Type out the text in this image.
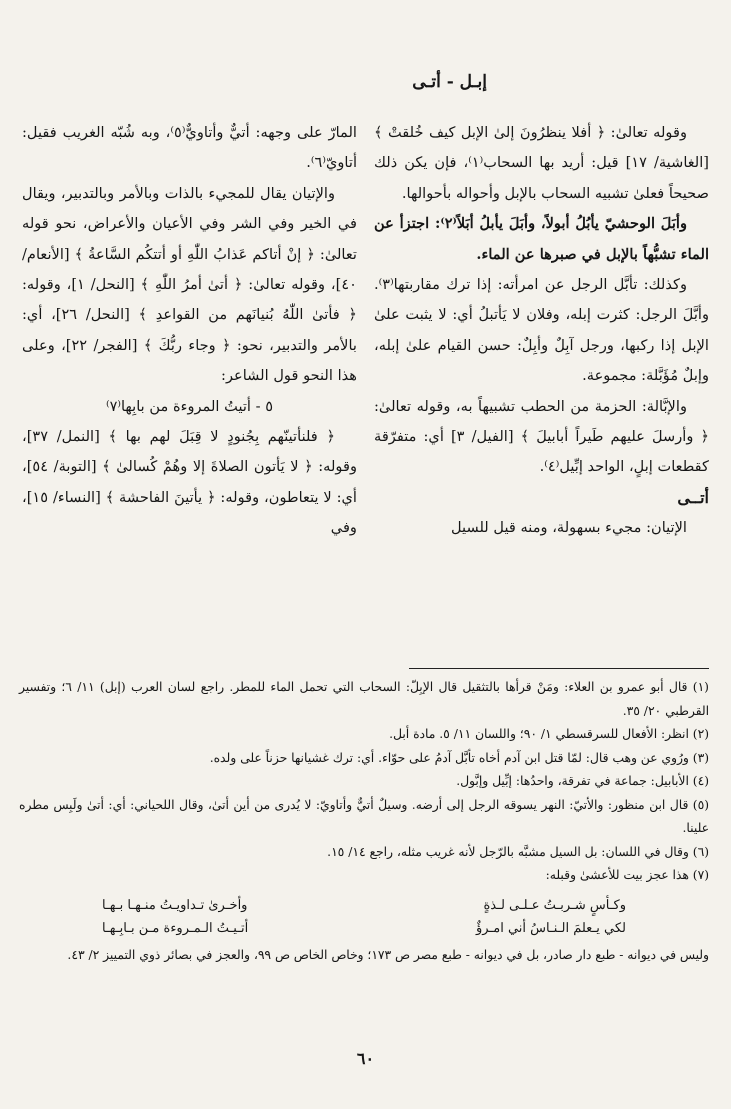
إبـل - أتـى

وقوله تعالىٰ: ﴿ أفلا ينظرُونَ إلىٰ الإبل كيف خُلقتْ ﴾ [الغاشية/ ١٧] قيل: أريد بها السحاب⁽١⁾، فإن يكن ذلك صحيحاً فعلىٰ تشبيه السحاب بالإبل وأحواله بأحوالها.

وأبَلَ الوحشيّ يأبُلُ أبولاً، وأبَلَ يأبلُ أبَلاً⁽٢⁾: اجتزأ عن الماء تشبُّهاً بالإبل في صبرها عن الماء.

وكذلك: تأبَّل الرجل عن امرأته: إذا ترك مقاربتها⁽٣⁾. وأبَّلَ الرجل: كثرت إبله، وفلان لا يَأتبلُ أي: لا يثبت علىٰ الإبل إذا ركبها، ورجل آبِلٌ وأبِلٌ: حسن القيام علىٰ إبله، وإبلٌ مُؤَبَّلة: مجموعة.

والإبَّالة: الحزمة من الحطب تشبيهاً به، وقوله تعالىٰ: ﴿ وأرسلَ عليهم طَيراً أبابيلَ ﴾ [الفيل/ ٣] أي: متفرّقة كقطعات إبلٍ، الواحد إبِّيل⁽٤⁾.

أتــى

الإتيان: مجيء بسهولة، ومنه قيل للسيل

المارّ على وجهه: أتيٌّ وأتاويٌّ⁽٥⁾، وبه شُبّه الغريب فقيل: أتاويّ⁽٦⁾.

والإتيان يقال للمجيء بالذات وبالأمر وبالتدبير، ويقال في الخير وفي الشر وفي الأعيان والأعراض، نحو قوله تعالىٰ: ﴿ إنْ أتاكم عَذابُ اللّٰهِ أو أتتكُم السَّاعةُ ﴾ [الأنعام/ ٤٠]، وقوله تعالىٰ: ﴿ أتىٰ أمرُ اللّٰهِ ﴾ [النحل/ ١]، وقوله: ﴿ فأتىٰ اللّٰهُ بُنيانَهم من القواعدِ ﴾ [النحل/ ٢٦]، أي: بالأمر والتدبير، نحو: ﴿ وجاء ربُّكَ ﴾ [الفجر/ ٢٢]، وعلى هذا النحو قول الشاعر:

٥ - أتيتُ المروءة من بابِها⁽٧⁾

﴿ فلنأتينّهم بِجُنودٍ لا قِبَلَ لهم بها ﴾ [النمل/ ٣٧]، وقوله: ﴿ لا يَأتون الصلاةَ إلا وهُمْ كُسالىٰ ﴾ [التوبة/ ٥٤]، أي: لا يتعاطون، وقوله: ﴿ يأتينَ الفاحشة ﴾ [النساء/ ١٥]، وفي

(١) قال أبو عمرو بن العلاء: ومَنْ قرأها بالتثقيل قال الإبِلّ: السحاب التي تحمل الماء للمطر. راجع لسان العرب (إبل) ١١/ ٦؛ وتفسير القرطبي ٢٠/ ٣٥.

(٢) انظر: الأفعال للسرقسطي ١/ ٩٠؛ واللسان ١١/ ٥. مادة أبل.

(٣) ورُوي عن وهب قال: لمّا قتل ابن آدم أخاه تأبَّل آدمُ على حوّاء. أي: ترك غشيانها حزناً على ولده.

(٤) الأبابيل: جماعة في تفرقة، واحدُها: إبِّيل وإبَّول.

(٥) قال ابن منظور: والأتيّ: النهر يسوقه الرجل إلى أرضه. وسيلٌ أتيٌّ وأتاويّ: لا يُدرى من أين أتىٰ، وقال اللحياني: أي: أتىٰ ولَبِس مطره علينا.

(٦) وقال في اللسان: بل السيل مشبَّه بالرّجل لأنه غريب مثله، راجع ١٤/ ١٥.

(٧) هذا عجز بيت للأعشىٰ وقبله:

وكـأسٍ شـربـتُ عـلـى لـذةٍ	وأخـرىٰ تـداويـتُ منـهـا بـهـا
لكي يـعلمَ الـنـاسُ أني امـرؤٌ	أتـيـتُ الـمـروءة مـن بـابِـهـا

وليس في ديوانه - طبع دار صادر، بل في ديوانه - طبع مصر ص ١٧٣؛ وخاص الخاص ص ٩٩، والعجز في بصائر ذوي التمييز ٢/ ٤٣.

٦٠
